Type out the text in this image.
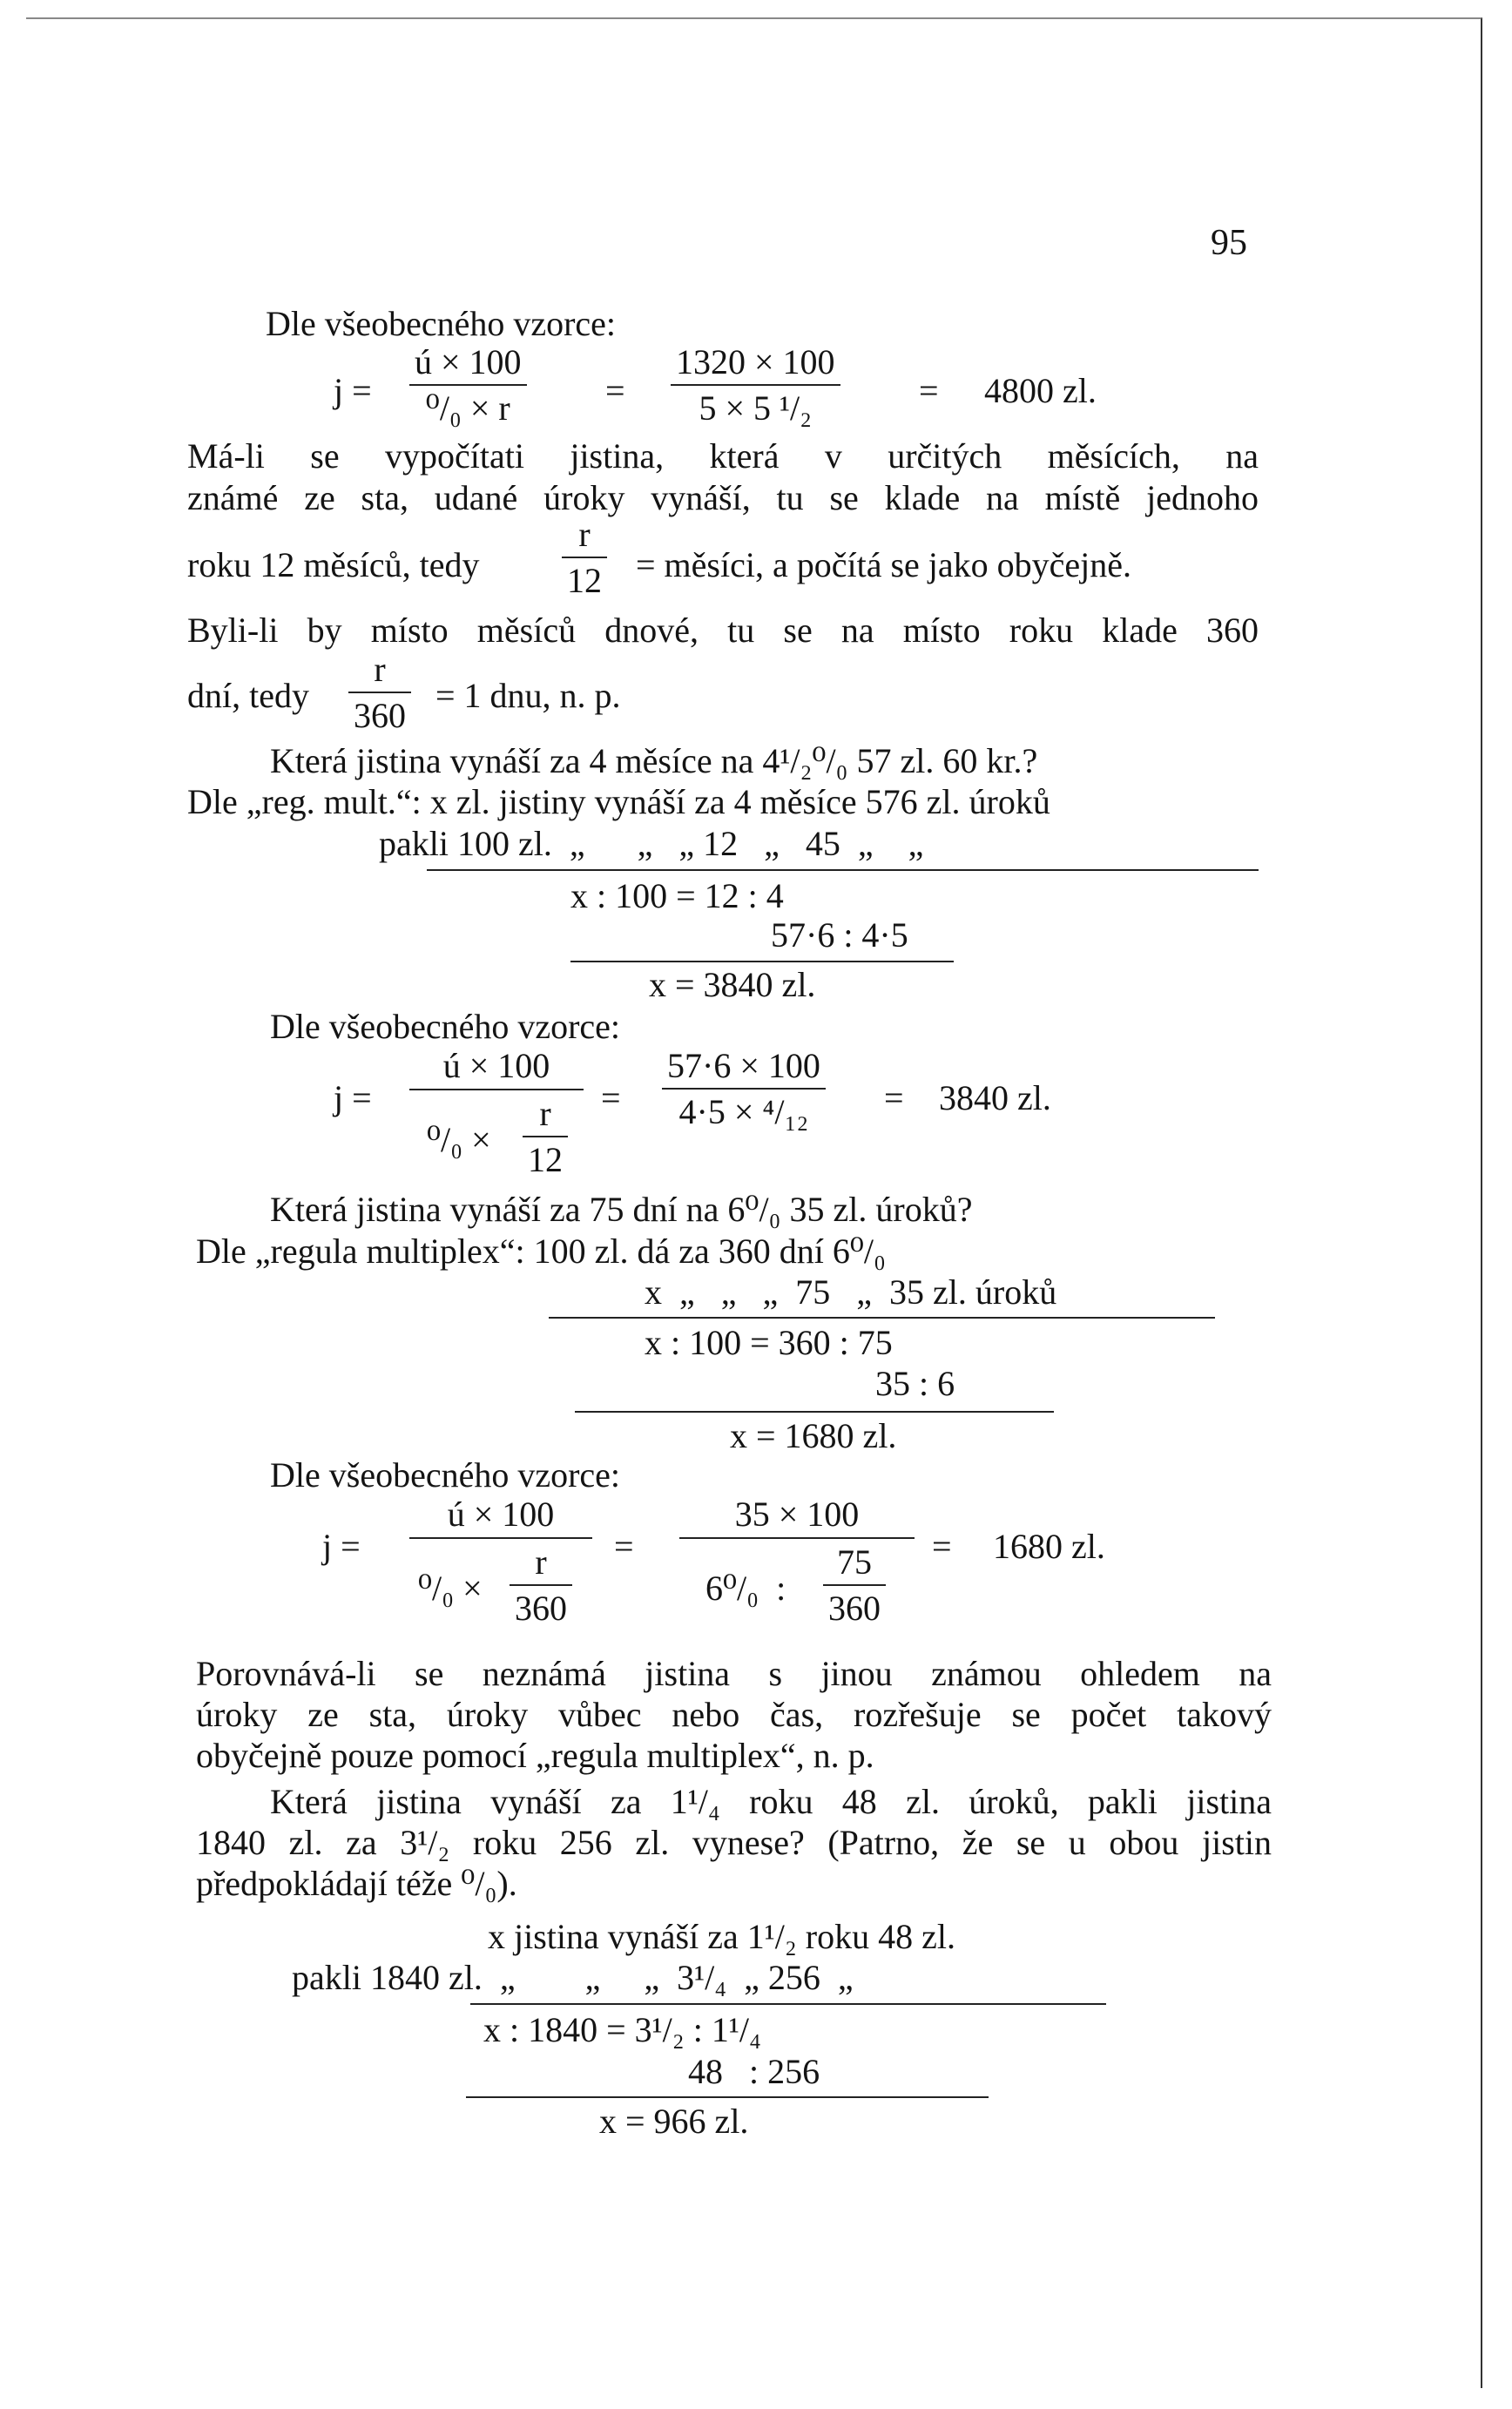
95
Dle všeobecného vzorce:
j =
ú × 100
⁰/₀ × r	=
1320 × 100
5 × 5 ¹/₂	= 4800 zl.
Má-li se vypočítati jistina, která v určitých měsících, na
známé ze sta, udané úroky vynáší, tu se klade na místě jednoho
roku 12 měsíců, tedy
r
12 = měsíci, a počítá se jako obyčejně.
Byli-li by místo měsíců dnové, tu se na místo roku klade 360
dní, tedy
r
360
= 1 dnu, n. p.
Která jistina vynáší za 4 měsíce na 4¹/₂⁰/₀ 57 zl. 60 kr.?
Dle „reg. mult.“: x zl. jistiny vynáší za 4 měsíce 576 zl. úroků
pakli 100 zl.  „      „   „ 12   „   45  „    „
x : 100 = 12 : 4
57·6 : 4·5
x = 3840 zl.
Dle všeobecného vzorce:
j =
ú × 100
⁰/₀ ×
r
12
=
57·6 × 100
4·5 × ⁴/₁₂ = 3840 zl.
Která jistina vynáší za 75 dní na 6⁰/₀ 35 zl. úroků?
Dle „regula multiplex“: 100 zl. dá za 360 dní 6⁰/₀
x  „   „   „  75   „  35 zl. úroků
x : 100 = 360 : 75
35 : 6
x = 1680 zl.
Dle všeobecného vzorce:
j =
ú × 100
⁰/₀ ×
r
360
=
35 × 100
6⁰/₀  :
75
360
= 1680 zl.
Porovnává-li se neznámá jistina s jinou známou ohledem na
úroky ze sta, úroky vůbec nebo čas, rozřešuje se počet takový
obyčejně pouze pomocí „regula multiplex“, n. p.
Která jistina vynáší za 1¹/₄ roku 48 zl. úroků, pakli jistina
1840 zl. za 3¹/₂ roku 256 zl. vynese? (Patrno, že se u obou jistin
předpokládají téže ⁰/₀).
x jistina vynáší za 1¹/₂ roku 48 zl.
pakli 1840 zl.  „        „     „  3¹/₄  „ 256  „
x : 1840 = 3¹/₂ : 1¹/₄
48   : 256
x = 966 zl.
